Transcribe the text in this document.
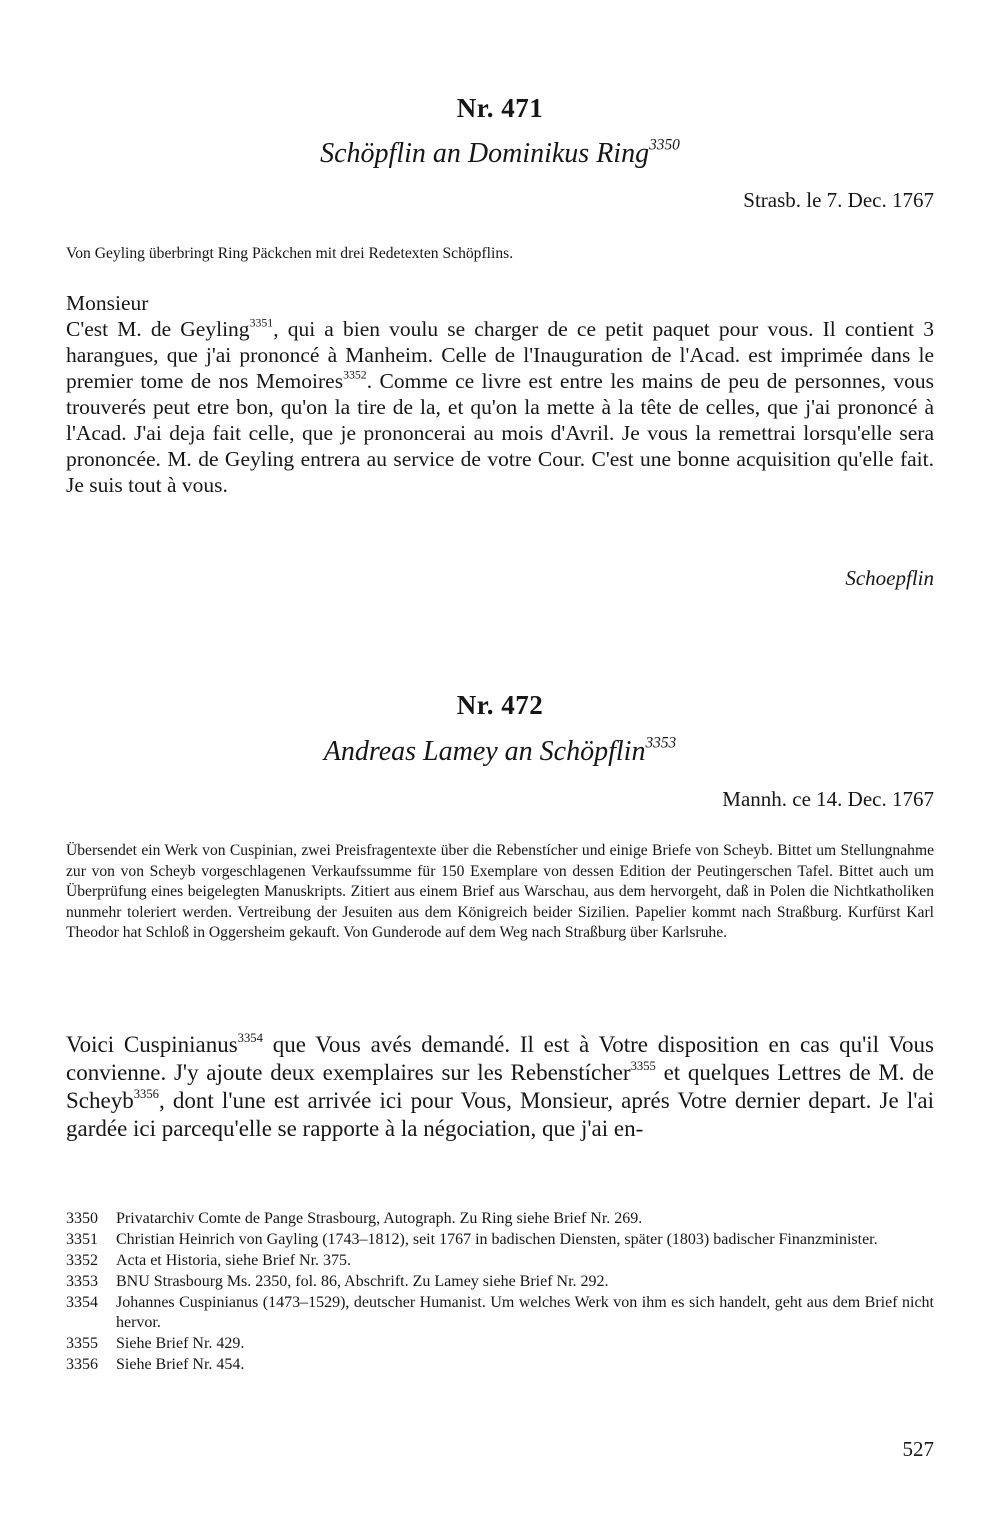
Nr. 471
Schöpflin an Dominikus Ring$^{3350}$
Strasb. le 7. Dec. 1767
Von Geyling überbringt Ring Päckchen mit drei Redetexten Schöpflins.

Monsieur

C'est M. de Geyling$^{3351}$, qui a bien voulu se charger de ce petit paquet pour vous. Il contient 3 harangues, que j'ai prononcé à Manheim. Celle de l'Inauguration de l'Acad. est imprimée dans le premier tome de nos Memoires$^{3352}$. Comme ce livre est entre les mains de peu de personnes, vous trouverés peut etre bon, qu'on la tire de la, et qu'on la mette à la tête de celles, que j'ai prononcé à l'Acad. J'ai deja fait celle, que je prononcerai au mois d'Avril. Je vous la remettrai lorsqu'elle sera prononcée. M. de Geyling entrera au service de votre Cour. C'est une bonne acquisition qu'elle fait. Je suis tout à vous.

Schoepflin
Nr. 472
Andreas Lamey an Schöpflin$^{3353}$
Mannh. ce 14. Dec. 1767
Übersendet ein Werk von Cuspinian, zwei Preisfragentexte über die Rebenstícher und einige Briefe von Scheyb. Bittet um Stellungnahme zur von von Scheyb vorgeschlagenen Verkaufssumme für 150 Exemplare von dessen Edition der Peutingerschen Tafel. Bittet auch um Überprüfung eines beigelegten Manuskripts. Zitiert aus einem Brief aus Warschau, aus dem hervorgeht, daß in Polen die Nichtkatholiken nunmehr toleriert werden. Vertreibung der Jesuiten aus dem Königreich beider Sizilien. Papelier kommt nach Straßburg. Kurfürst Karl Theodor hat Schloß in Oggersheim gekauft. Von Gunderode auf dem Weg nach Straßburg über Karlsruhe.

Voici Cuspinianus$^{3354}$ que Vous avés demandé. Il est à Votre disposition en cas qu'il Vous convienne. J'y ajoute deux exemplaires sur les Rebenstícher$^{3355}$ et quelques Lettres de M. de Scheyb$^{3356}$, dont l'une est arrivée ici pour Vous, Monsieur, aprés Votre dernier depart. Je l'ai gardée ici parcequ'elle se rapporte à la négociation, que j'ai en-

3350	Privatarchiv Comte de Pange Strasbourg, Autograph. Zu Ring siehe Brief Nr. 269.
3351	Christian Heinrich von Gayling (1743–1812), seit 1767 in badischen Diensten, später (1803) badischer Finanzminister.
3352	Acta et Historia, siehe Brief Nr. 375.
3353	BNU Strasbourg Ms. 2350, fol. 86, Abschrift. Zu Lamey siehe Brief Nr. 292.
3354	Johannes Cuspinianus (1473–1529), deutscher Humanist. Um welches Werk von ihm es sich handelt, geht aus dem Brief nicht hervor.
3355	Siehe Brief Nr. 429.
3356	Siehe Brief Nr. 454.
527
